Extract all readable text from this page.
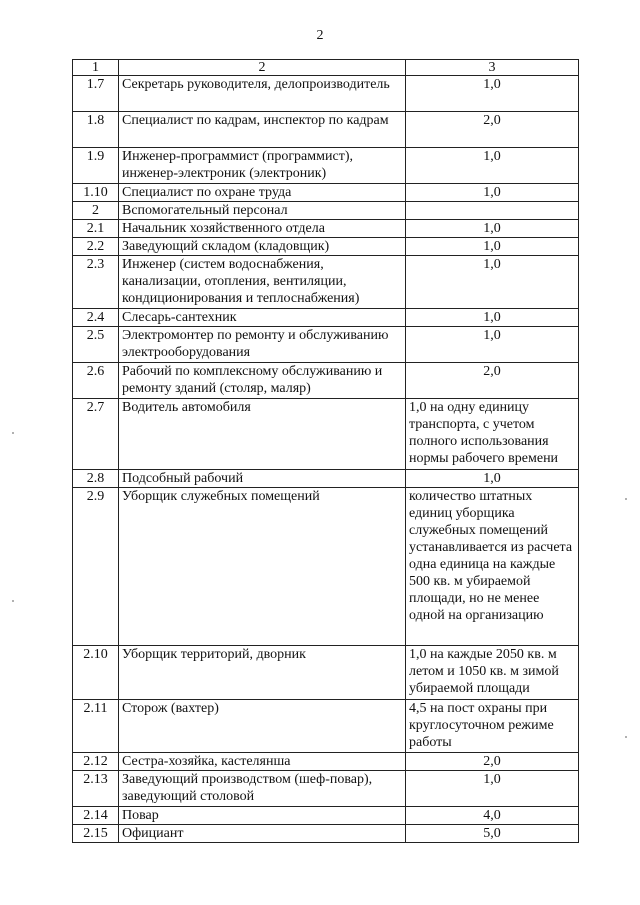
2
1	2	3
1.7	Секретарь руководителя, делопроизводитель	1,0
1.8	Специалист по кадрам, инспектор по кадрам	2,0
1.9	Инженер-программист (программист), инженер-электроник (электроник)	1,0
1.10	Специалист по охране труда	1,0
2	Вспомогательный персонал	
2.1	Начальник хозяйственного отдела	1,0
2.2	Заведующий складом (кладовщик)	1,0
2.3	Инженер (систем водоснабжения, канализации, отопления, вентиляции, кондиционирования и теплоснабжения)	1,0
2.4	Слесарь-сантехник	1,0
2.5	Электромонтер по ремонту и обслуживанию электрооборудования	1,0
2.6	Рабочий по комплексному обслуживанию и ремонту зданий (столяр, маляр)	2,0
2.7	Водитель автомобиля	1,0 на одну единицу транспорта, с учетом полного использования нормы рабочего времени
2.8	Подсобный рабочий	1,0
2.9	Уборщик служебных помещений	количество штатных единиц уборщика служебных помещений устанавливается из расчета одна единица на каждые 500 кв. м убираемой площади, но не менее одной на организацию
2.10	Уборщик территорий, дворник	1,0 на каждые 2050 кв. м летом и 1050 кв. м зимой убираемой площади
2.11	Сторож (вахтер)	4,5 на пост охраны при круглосуточном режиме работы
2.12	Сестра-хозяйка, кастелянша	2,0
2.13	Заведующий производством (шеф-повар), заведующий столовой	1,0
2.14	Повар	4,0
2.15	Официант	5,0
